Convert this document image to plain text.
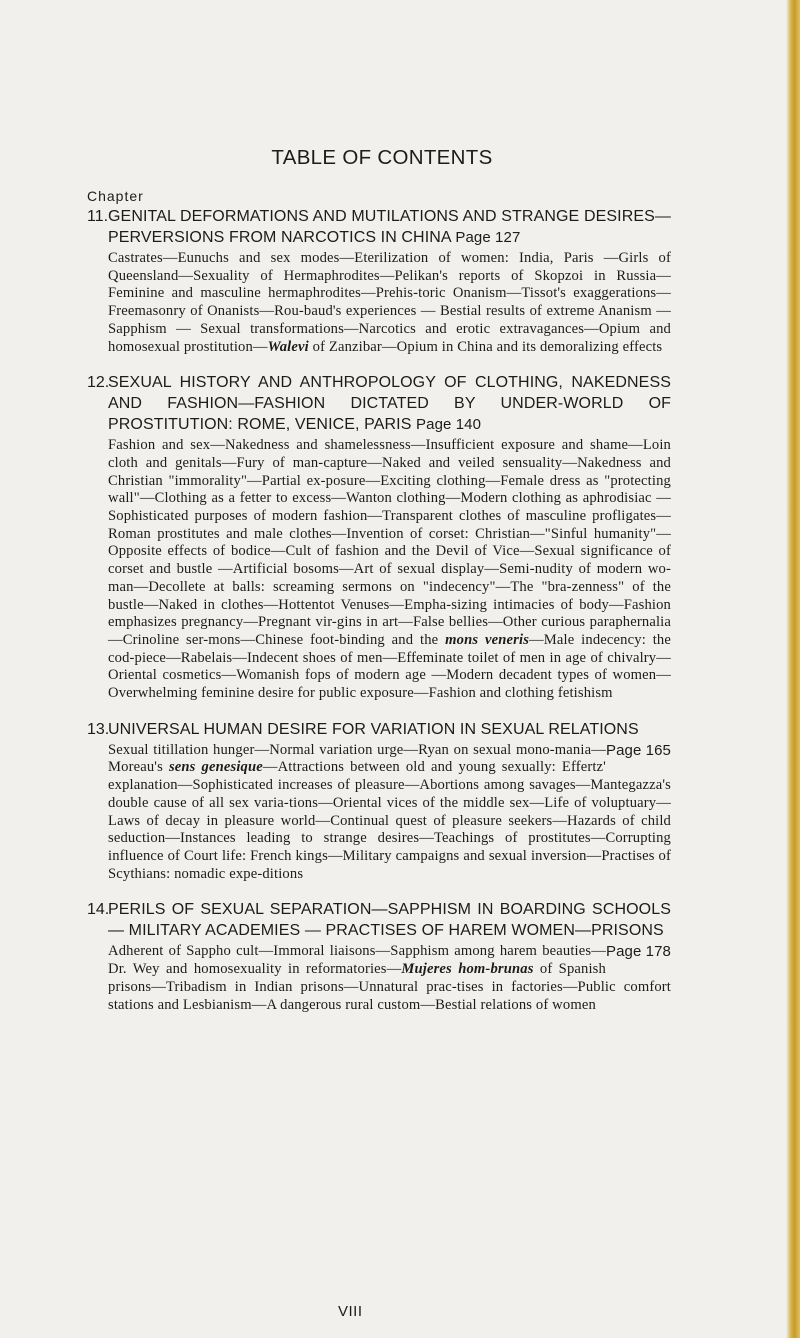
TABLE OF CONTENTS
Chapter
11. GENITAL DEFORMATIONS AND MUTILATIONS AND STRANGE DESIRES—PERVERSIONS FROM NARCOTICS IN CHINA Page 127
Castrates—Eunuchs and sex modes—Eterilization of women: India, Paris —Girls of Queensland—Sexuality of Hermaphrodites—Pelikan's reports of Skopzoi in Russia—Feminine and masculine hermaphrodites—Prehis-toric Onanism—Tissot's exaggerations—Freemasonry of Onanists—Rou-baud's experiences — Bestial results of extreme Ananism — Sapphism — Sexual transformations—Narcotics and erotic extravagances—Opium and homosexual prostitution—Walevi of Zanzibar—Opium in China and its demoralizing effects
12.
SEXUAL HISTORY AND ANTHROPOLOGY OF CLOTHING, NAKEDNESS AND FASHION—FASHION DICTATED BY UNDER-WORLD OF PROSTITUTION: ROME, VENICE, PARIS Page 140
Fashion and sex—Nakedness and shamelessness—Insufficient exposure and shame—Loin cloth and genitals—Fury of man-capture—Naked and veiled sensuality—Nakedness and Christian "immorality"—Partial ex-posure—Exciting clothing—Female dress as "protecting wall"—Clothing as a fetter to excess—Wanton clothing—Modern clothing as aphrodisiac —Sophisticated purposes of modern fashion—Transparent clothes of masculine profligates—Roman prostitutes and male clothes—Invention of corset: Christian—"Sinful humanity"—Opposite effects of bodice—Cult of fashion and the Devil of Vice—Sexual significance of corset and bustle —Artificial bosoms—Art of sexual display—Semi-nudity of modern wo-man—Decollete at balls: screaming sermons on "indecency"—The "bra-zenness" of the bustle—Naked in clothes—Hottentot Venuses—Empha-sizing intimacies of body—Fashion emphasizes pregnancy—Pregnant vir-gins in art—False bellies—Other curious paraphernalia—Crinoline ser-mons—Chinese foot-binding and the mons veneris—Male indecency: the cod-piece—Rabelais—Indecent shoes of men—Effeminate toilet of men in age of chivalry—Oriental cosmetics—Womanish fops of modern age —Modern decadent types of women—Overwhelming feminine desire for public exposure—Fashion and clothing fetishism
13.
UNIVERSAL HUMAN DESIRE FOR VARIATION IN SEXUAL RELATIONS
Page 165
Sexual titillation hunger—Normal variation urge—Ryan on sexual mono-mania—Moreau's sens genesique—Attractions between old and young sexually: Effertz' explanation—Sophisticated increases of pleasure—Abortions among savages—Mantegazza's double cause of all sex varia-tions—Oriental vices of the middle sex—Life of voluptuary—Laws of decay in pleasure world—Continual quest of pleasure seekers—Hazards of child seduction—Instances leading to strange desires—Teachings of prostitutes—Corrupting influence of Court life: French kings—Military campaigns and sexual inversion—Practises of Scythians: nomadic expe-ditions
14.
PERILS OF SEXUAL SEPARATION—SAPPHISM IN BOARDING SCHOOLS — MILITARY ACADEMIES — PRACTISES OF HAREM WOMEN—PRISONS
Page 178
Adherent of Sappho cult—Immoral liaisons—Sapphism among harem beauties—Dr. Wey and homosexuality in reformatories—Mujeres hom-brunas of Spanish prisons—Tribadism in Indian prisons—Unnatural prac-tises in factories—Public comfort stations and Lesbianism—A dangerous rural custom—Bestial relations of women
VIII
